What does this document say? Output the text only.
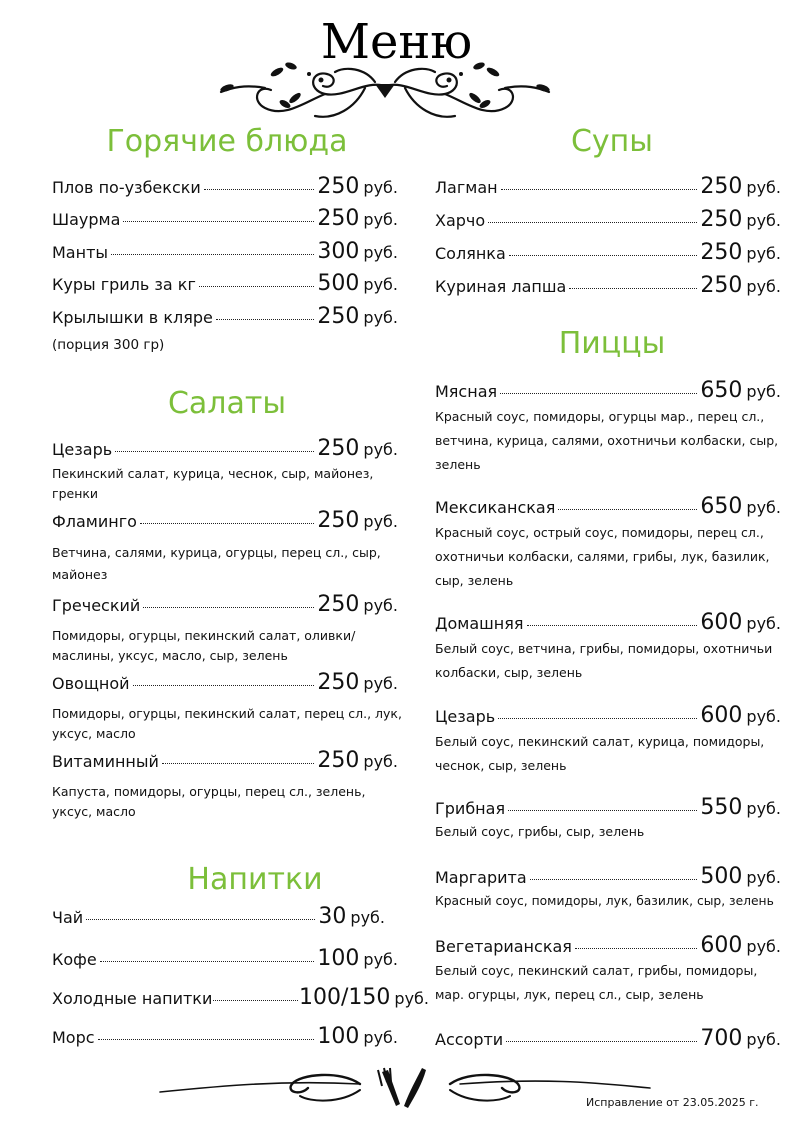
Меню
Горячие блюда
Плов по-узбекски	250 руб.
Шаурма	250 руб.
Манты	300 руб.
Куры гриль за кг	500 руб.
Крылышки в кляре	250 руб.
(порция 300 гр)
Салаты
Цезарь	250 руб.
Пекинский салат, курица, чеснок, сыр, майонез, гренки
Фламинго	250 руб.
Ветчина, салями, курица, огурцы, перец сл., сыр, майонез
Греческий	250 руб.
Помидоры, огурцы, пекинский салат, оливки/маслины, уксус, масло, сыр, зелень
Овощной	250 руб.
Помидоры, огурцы, пекинский салат, перец сл., лук, уксус, масло
Витаминный	250 руб.
Капуста, помидоры, огурцы, перец сл., зелень, уксус, масло
Напитки
Чай	30 руб.
Кофе	100 руб.
Холодные напитки	100/150 руб.
Морс	100 руб.
Супы
Лагман	250 руб.
Харчо	250 руб.
Солянка	250 руб.
Куриная лапша	250 руб.
Пиццы
Мясная	650 руб.
Красный соус, помидоры, огурцы мар., перец сл., ветчина, курица, салями, охотничьи колбаски, сыр, зелень
Мексиканская	650 руб.
Красный соус, острый соус, помидоры, перец сл., охотничьи колбаски, салями, грибы, лук, базилик, сыр, зелень
Домашняя	600 руб.
Белый соус, ветчина, грибы, помидоры, охотничьи колбаски, сыр, зелень
Цезарь	600 руб.
Белый соус, пекинский салат, курица, помидоры, чеснок, сыр, зелень
Грибная	550 руб.
Белый соус, грибы, сыр, зелень
Маргарита	500 руб.
Красный соус, помидоры, лук, базилик, сыр, зелень
Вегетарианская	600 руб.
Белый соус, пекинский салат, грибы, помидоры, мар. огурцы, лук, перец сл., сыр, зелень
Ассорти	700 руб.
Исправление от 23.05.2025 г.
